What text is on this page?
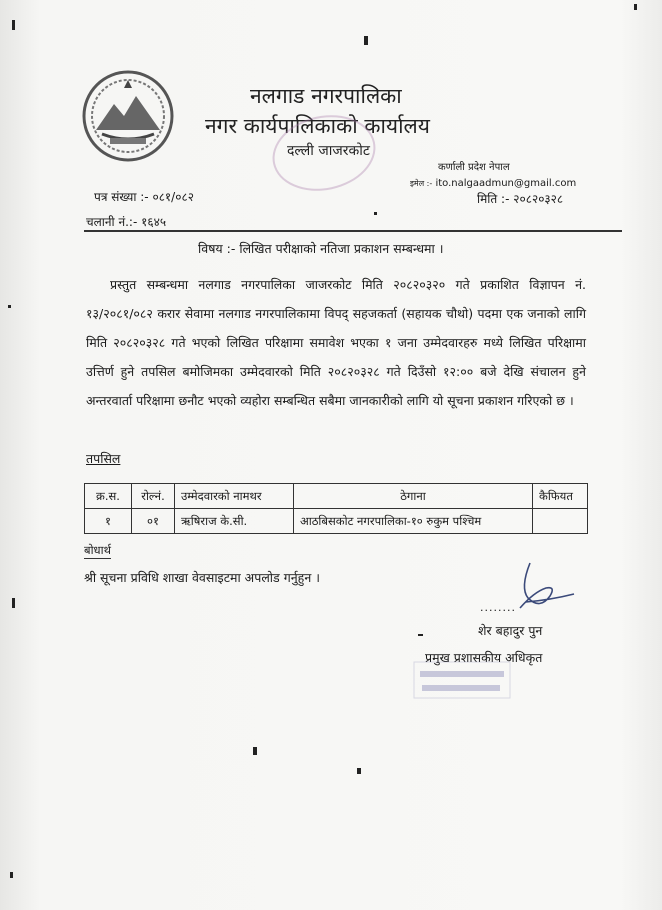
नलगाड नगरपालिका
नगर कार्यपालिकाको कार्यालय
दल्ली जाजरकोट
कर्णाली प्रदेश नेपाल
इमेल :- ito.nalgaadmun@gmail.com
मिति :- २०८२०३२८
पत्र संख्या :- ०८१/०८२
चलानी नं.:- १६४५
विषय :- लिखित परीक्षाको नतिजा प्रकाशन सम्बन्धमा ।

प्रस्तुत सम्बन्धमा नलगाड नगरपालिका जाजरकोट मिति २०८२०३२० गते प्रकाशित विज्ञापन नं. १३/२०८१/०८२ करार सेवामा नलगाड नगरपालिकामा विपद् सहजकर्ता (सहायक चौथो) पदमा एक जनाको लागि मिति २०८२०३२८ गते भएको लिखित परिक्षामा समावेश भएका १ जना उम्मेदवारहरु मध्ये लिखित परिक्षामा उत्तिर्ण हुने तपसिल बमोजिमका उम्मेदवारको मिति २०८२०३२८ गते दिउँसो १२:०० बजे देखि संचालन हुने अन्तरवार्ता परिक्षामा छनौट भएको व्यहोरा सम्बन्धित सबैमा जानकारीको लागि यो सूचना प्रकाशन गरिएको छ ।

तपसिल
क्र.स.	रोल्नं.	उम्मेदवारको नामथर	ठेगाना	कैफियत
१	०१	ऋषिराज के.सी.	आठबिसकोट नगरपालिका-१० रुकुम पश्चिम	
बोधार्थ
श्री सूचना प्रविधि शाखा वेवसाइटमा अपलोड गर्नुहुन ।
........
शेर बहादुर पुन
प्रमुख प्रशासकीय अधिकृत
